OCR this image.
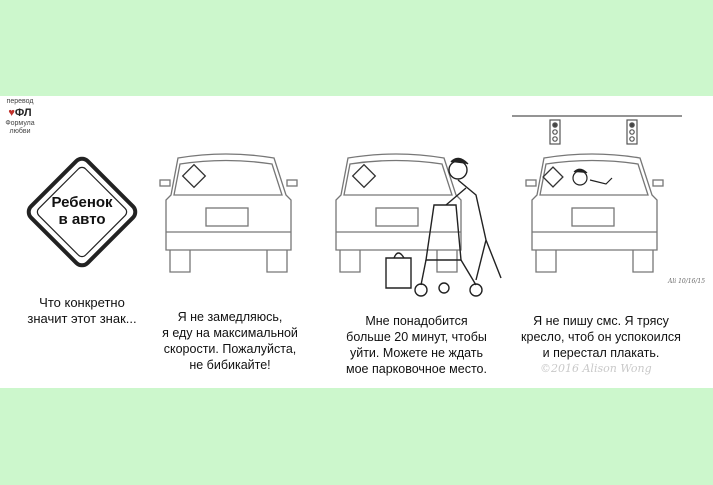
перевод
♥ФЛ
Формула
любви
Ребенок
в авто
Ali 10/16/15
Что конкретно
значит этот знак...	Я не замедляюсь,
я еду на максимальной
скорости. Пожалуйста,
не бибикайте!
Мне понадобится
больше 20 минут, чтобы
уйти. Можете не ждать
мое парковочное место.
Я не пишу смс. Я трясу
кресло, чтоб он успокоился
и перестал плакать.
©2016 Alison Wong
